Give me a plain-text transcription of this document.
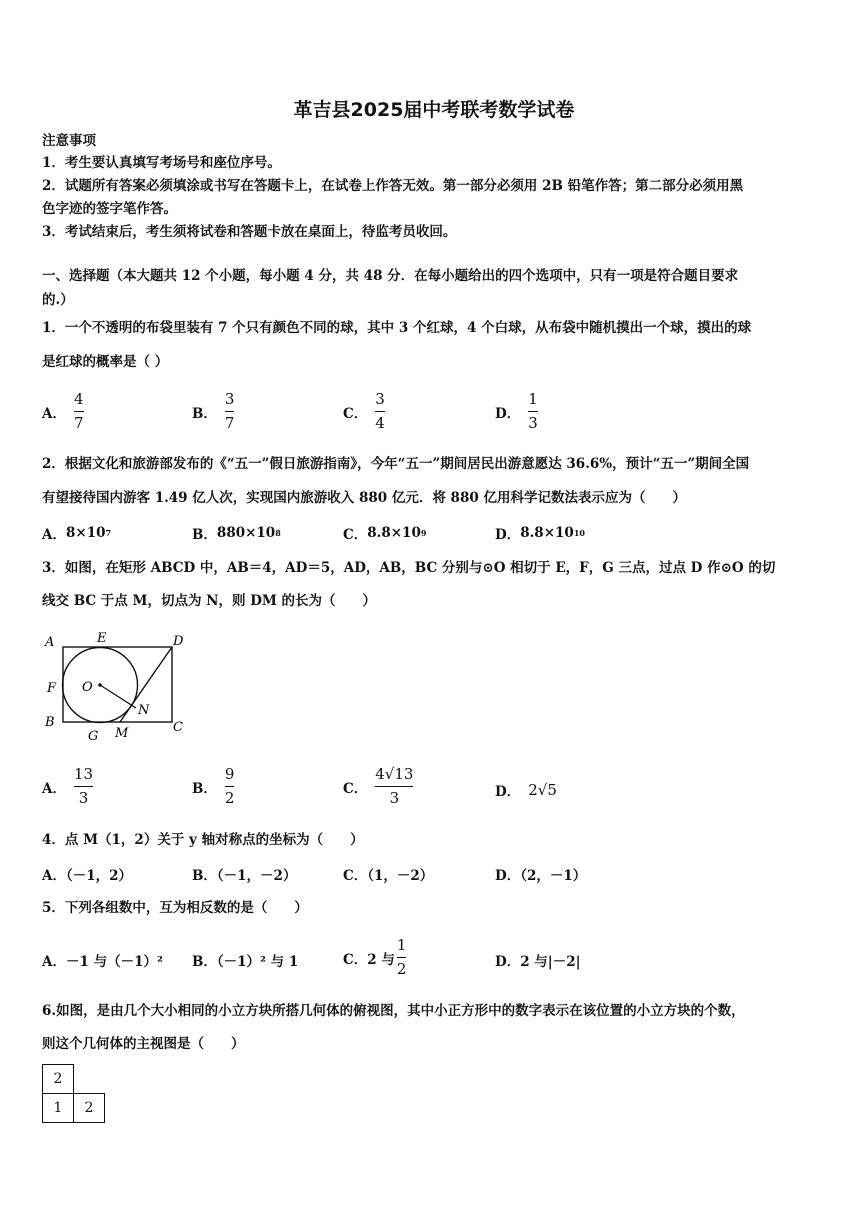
革吉县2025届中考联考数学试卷
注意事项
1．考生要认真填写考场号和座位序号。
2．试题所有答案必须填涂或书写在答题卡上，在试卷上作答无效。第一部分必须用 2B 铅笔作答；第二部分必须用黑
色字迹的签字笔作答。
3．考试结束后，考生须将试卷和答题卡放在桌面上，待监考员收回。
一、选择题（本大题共 12 个小题，每小题 4 分，共 48 分．在每小题给出的四个选项中，只有一项是符合题目要求
的.）
1．一个不透明的布袋里装有 7 个只有颜色不同的球，其中 3 个红球，4 个白球，从布袋中随机摸出一个球，摸出的球
是红球的概率是（ ）
A． $\frac{4}{7}$	B． $\frac{3}{7}$	C． $\frac{3}{4}$	D． $\frac{1}{3}$
2．根据文化和旅游部发布的《“五一”假日旅游指南》，今年“五一”期间居民出游意愿达 36.6%，预计“五一”期间全国
有望接待国内游客 1.49 亿人次，实现国内旅游收入 880 亿元．将 880 亿用科学记数法表示应为（　　）
A． 8×10 7	B． 880×10 8	C． 8.8×10 9	D． 8.8×10 10
3．如图，在矩形 ABCD 中，AB＝4，AD＝5，AD，AB，BC 分别与⊙O 相切于 E，F，G 三点，过点 D 作⊙O 的切
线交 BC 于点 M，切点为 N，则 DM 的长为（　　）
A	E	D
F O
N
B
G M	C
A． $\frac{13}{3}$	B． $\frac{9}{2}$	C． $\frac{4√13}{3}$	D． 2√5
4．点 M（1，2）关于 y 轴对称点的坐标为（　　）
A．（－1，2）	B．（－1，－2）	C．（1，－2）	D．（2，－1）
5．下列各组数中，互为相反数的是（　　）
A．－1 与（－1）² B．（－1）² 与 1	C．2 与 $\frac{1}{2}$	D．2 与|－2|
6.如图，是由几个大小相同的小立方块所搭几何体的俯视图，其中小正方形中的数字表示在该位置的小立方块的个数，
则这个几何体的主视图是（　　）
2	
1	2
